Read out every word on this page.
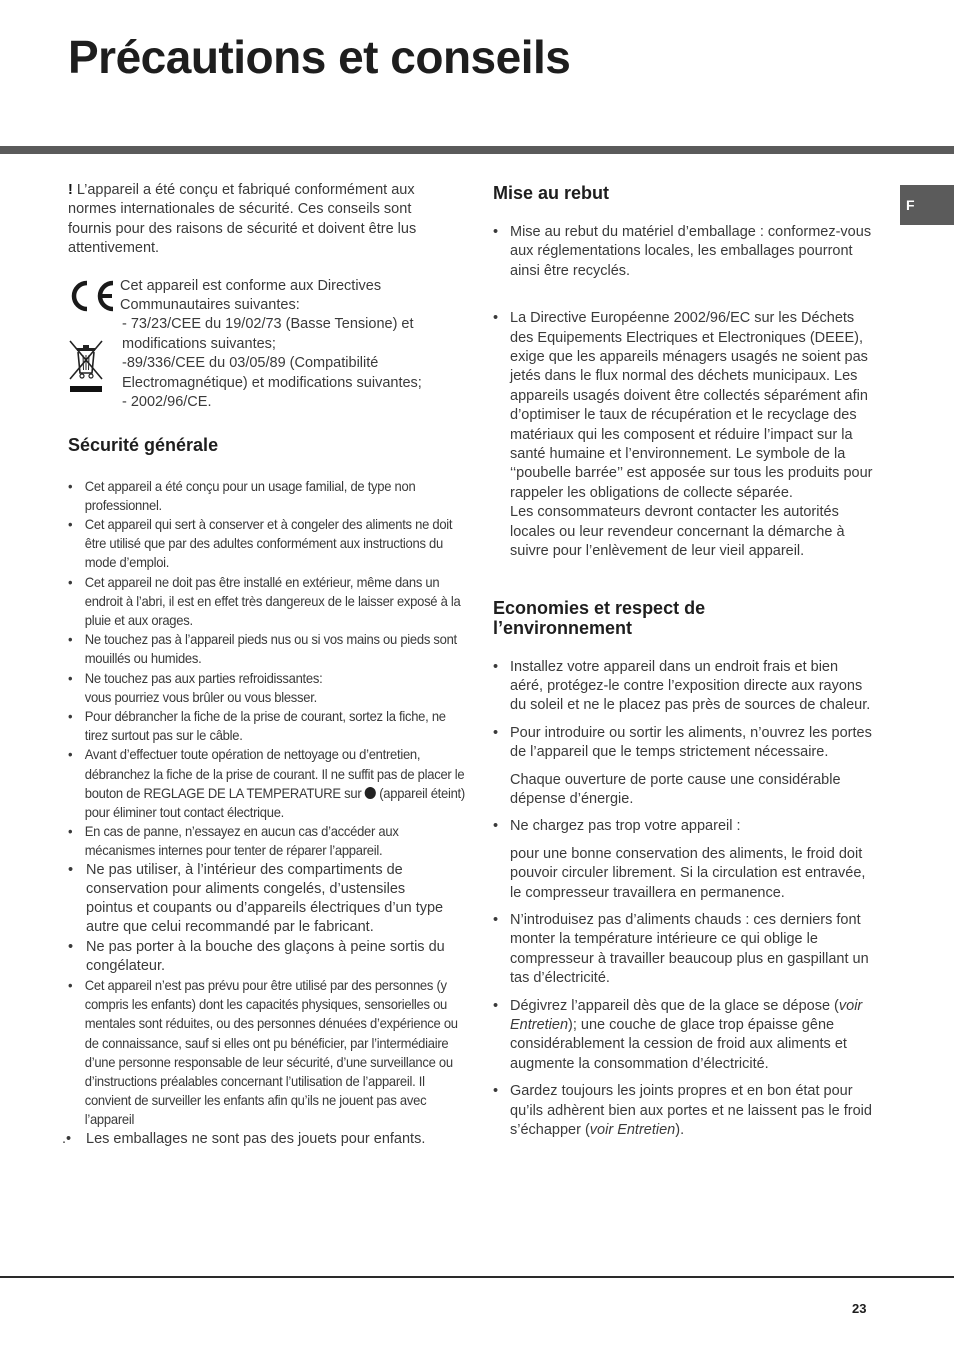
Précautions et conseils
F

! L’appareil a été conçu et fabriqué conformément aux normes internationales de sécurité. Ces conseils sont fournis pour des raisons de sécurité et doivent être lus attentivement.

Cet appareil est conforme aux Directives
Communautaires suivantes:
- 73/23/CEE du 19/02/73 (Basse Tensione) et
modifications suivantes;
-89/336/CEE du 03/05/89 (Compatibilité
Electromagnétique) et modifications suivantes;
- 2002/96/CE.
Sécurité générale
• Cet appareil a été conçu pour un usage familial, de type non professionnel.
• Cet appareil qui sert à conserver et à congeler des aliments ne doit être utilisé que par des adultes conformément aux instructions du mode d’emploi.
• Cet appareil ne doit pas être installé en extérieur, même dans un endroit à l’abri, il est en effet très dangereux de le laisser exposé à la pluie et aux orages.
• Ne touchez pas à l’appareil pieds nus ou si vos mains ou pieds sont mouillés ou humides.
• Ne touchez pas aux parties refroidissantes:
vous pourriez vous brûler ou vous blesser.
• Pour débrancher la fiche de la prise de courant, sortez la fiche, ne tirez surtout pas sur le câble.
• Avant d’effectuer toute opération de nettoyage ou d’entretien, débranchez la fiche de la prise de courant. Il ne suffit pas de placer le bouton de REGLAGE DE LA TEMPERATURE sur  (appareil éteint) pour éliminer tout contact électrique.
• En cas de panne, n’essayez en aucun cas d’accéder aux mécanismes internes pour tenter de réparer l’appareil.
• Ne pas utiliser, à l’intérieur des compartiments de conservation pour aliments congelés, d’ustensiles pointus et coupants ou d’appareils électriques d’un type autre que celui recommandé par le fabricant.
• Ne pas porter à la bouche des glaçons à peine sortis du congélateur.
• Cet appareil n’est pas prévu pour être utilisé par des personnes (y compris les enfants) dont les capacités physiques, sensorielles ou mentales sont réduites, ou des personnes dénuées d’expérience ou de connaissance, sauf si elles ont pu bénéficier, par l’intermédiaire d’une personne responsable de leur sécurité, d’une surveillance ou d’instructions préalables concernant l’utilisation de l’appareil. Il convient de surveiller les enfants afin qu’ils ne jouent pas avec l’appareil
.• Les emballages ne sont pas des jouets pour enfants.
Mise au rebut
• Mise au rebut du matériel d’emballage : conformez-vous aux réglementations locales, les emballages pourront ainsi être recyclés.
• La Directive Européenne 2002/96/EC sur les Déchets des Equipements Electriques et Electroniques (DEEE), exige que les appareils ménagers usagés ne soient pas jetés dans le flux normal des déchets municipaux. Les appareils usagés doivent être collectés séparément afin d’optimiser le taux de récupération et le recyclage des matériaux qui les composent et réduire l’impact sur la santé humaine et l’environnement. Le symbole de la ‘‘poubelle barrée’’ est apposée sur tous les produits pour rappeler les obligations de collecte séparée.
Les consommateurs devront contacter les autorités locales ou leur revendeur concernant la démarche à suivre pour l’enlèvement de leur vieil appareil.
Economies et respect de
l’environnement
• Installez votre appareil dans un endroit frais et bien aéré, protégez-le contre l’exposition directe aux rayons du soleil et ne le placez pas près de sources de chaleur.
• Pour introduire ou sortir les aliments, n’ouvrez les portes de l’appareil que le temps strictement nécessaire.
Chaque ouverture de porte cause une considérable dépense d’énergie.
• Ne chargez pas trop votre appareil :
pour une bonne conservation des aliments, le froid doit pouvoir circuler librement. Si la circulation est entravée, le compresseur travaillera en permanence.
• N’introduisez pas d’aliments chauds : ces derniers font monter la température intérieure ce qui oblige le compresseur à travailler beaucoup plus en gaspillant un tas d’électricité.
• Dégivrez l’appareil dès que de la glace se dépose (voir Entretien); une couche de glace trop épaisse gêne considérablement la cession de froid aux aliments et augmente la consommation d’électricité.
• Gardez toujours les joints propres et en bon état pour qu’ils adhèrent bien aux portes et ne laissent pas le froid s’échapper (voir Entretien).
23
